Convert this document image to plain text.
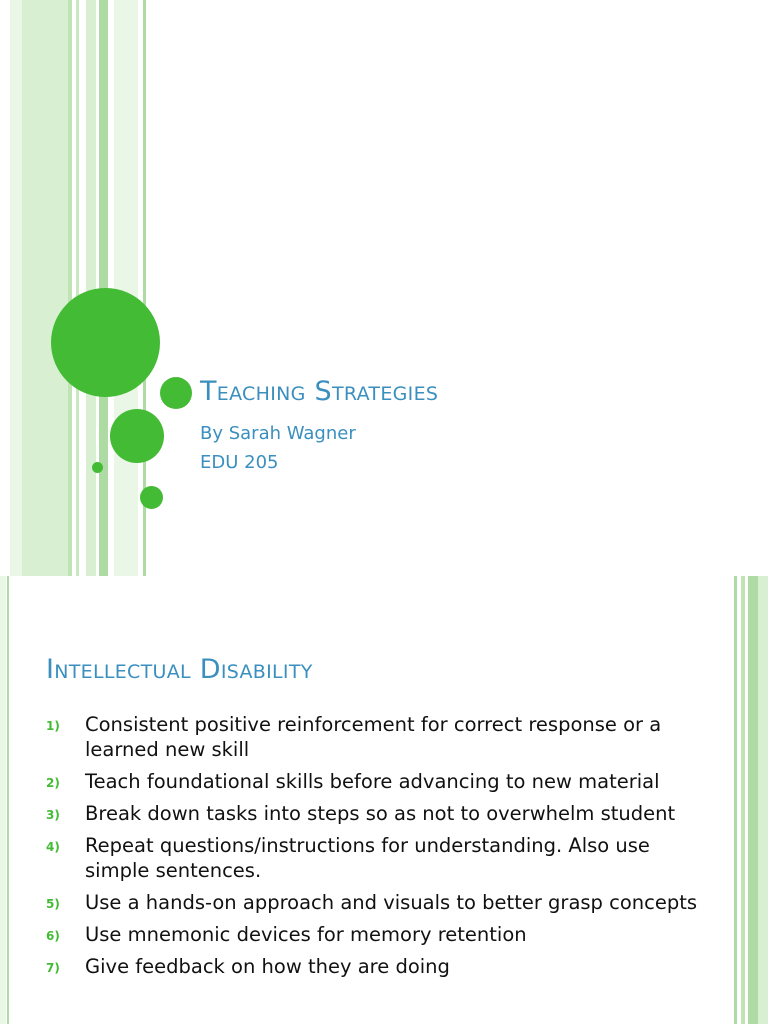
Teaching Strategies
By Sarah Wagner
EDU 205
Intellectual Disability
1) Consistent positive reinforcement for correct response or a learned new skill
2) Teach foundational skills before advancing to new material
3) Break down tasks into steps so as not to overwhelm student
4) Repeat questions/instructions for understanding. Also use simple sentences.
5) Use a hands-on approach and visuals to better grasp concepts
6) Use mnemonic devices for memory retention
7) Give feedback on how they are doing
